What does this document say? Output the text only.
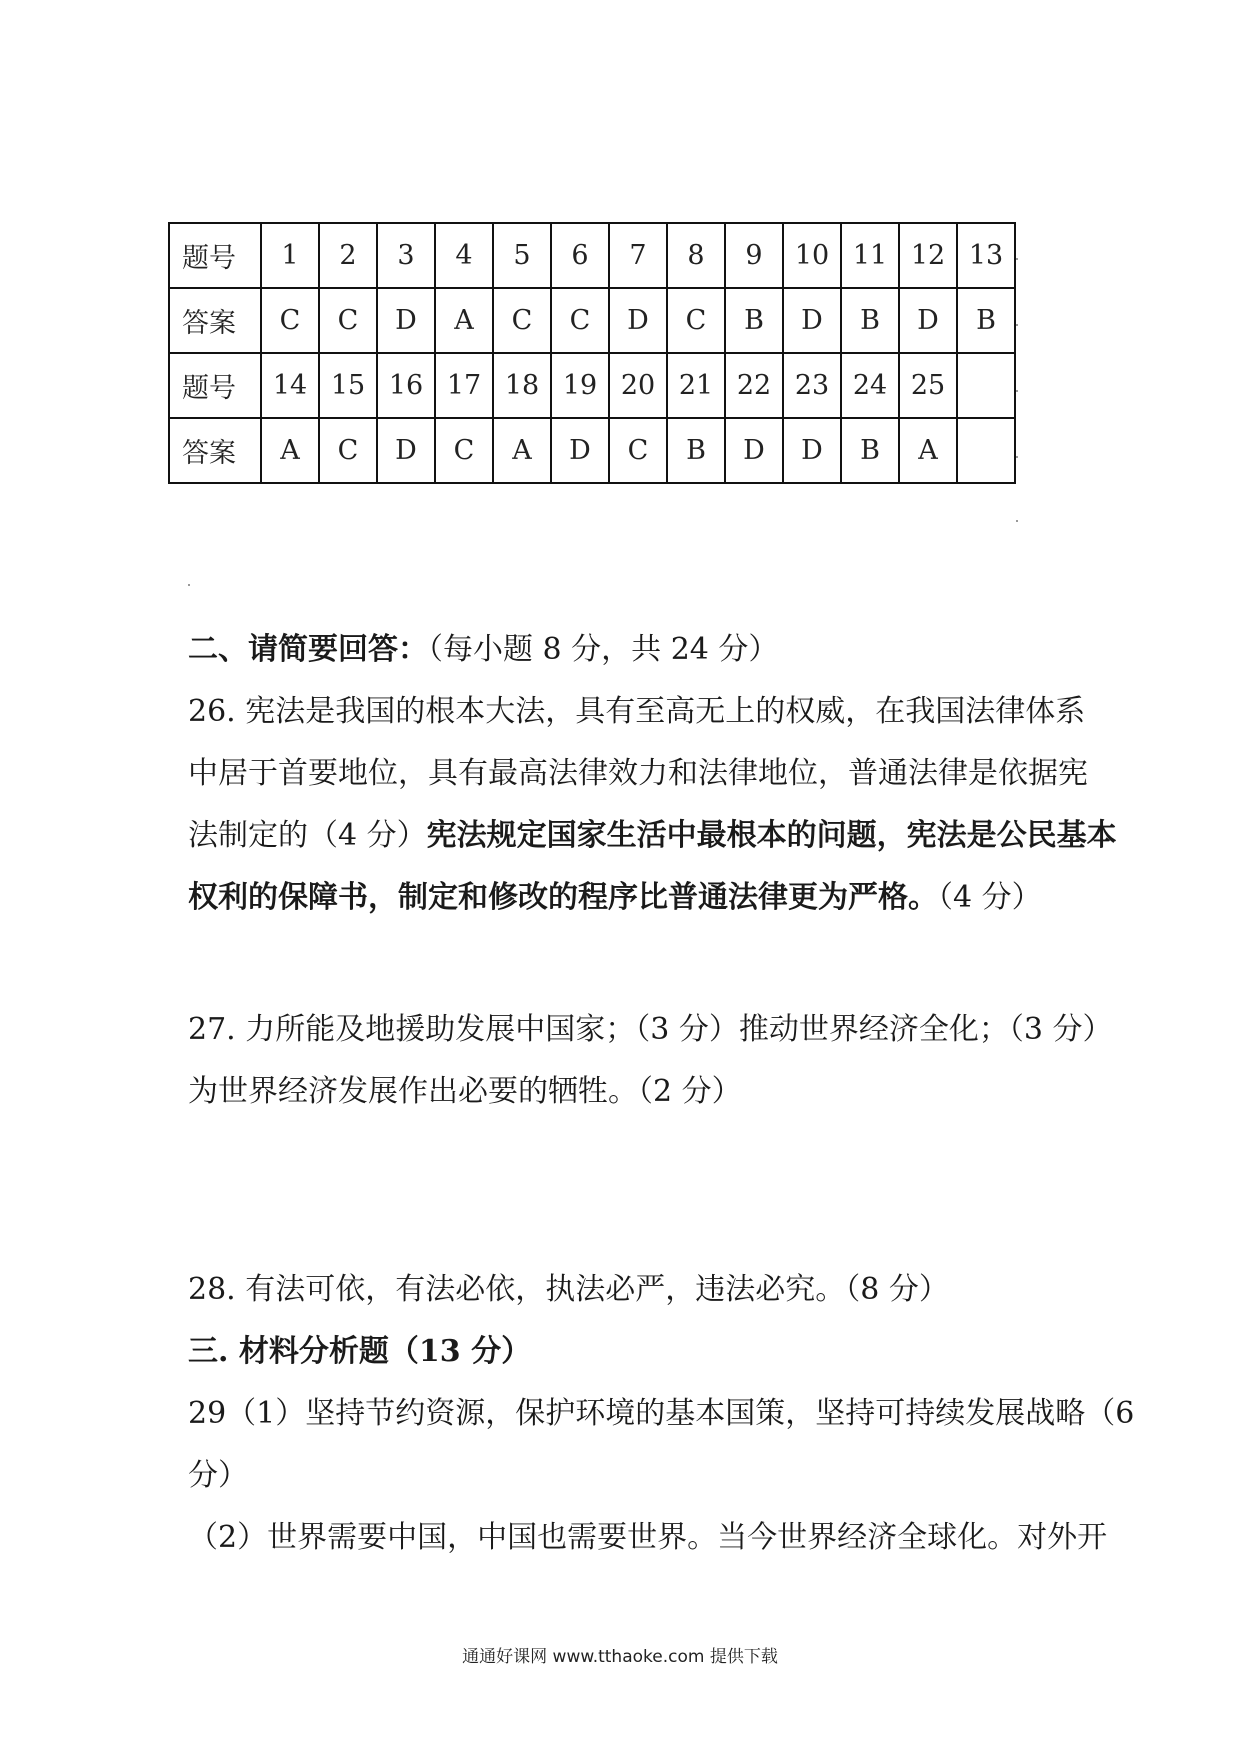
题号	1	2	3	4	5	6	7	8	9	10	11	12	13
答案	C	C	D	A	C	C	D	C	B	D	B	D	B
题号	14	15	16	17	18	19	20	21	22	23	24	25	
答案	A	C	D	C	A	D	C	B	D	D	B	A	
二、请简要回答：（每小题 8 分，共 24 分）
26. 宪法是我国的根本大法，具有至高无上的权威，在我国法律体系
中居于首要地位，具有最高法律效力和法律地位，普通法律是依据宪
法制定的（4 分）宪法规定国家生活中最根本的问题，宪法是公民基本
权利的保障书，制定和修改的程序比普通法律更为严格。（4 分）
27. 力所能及地援助发展中国家；（3 分）推动世界经济全化；（3 分）
为世界经济发展作出必要的牺牲。（2 分）
28. 有法可依，有法必依，执法必严，违法必究。（8 分）
三. 材料分析题（13 分）
29（1）坚持节约资源，保护环境的基本国策，坚持可持续发展战略（6
分）
（2）世界需要中国，中国也需要世界。当今世界经济全球化。对外开
通通好课网 www.tthaoke.com 提供下载
